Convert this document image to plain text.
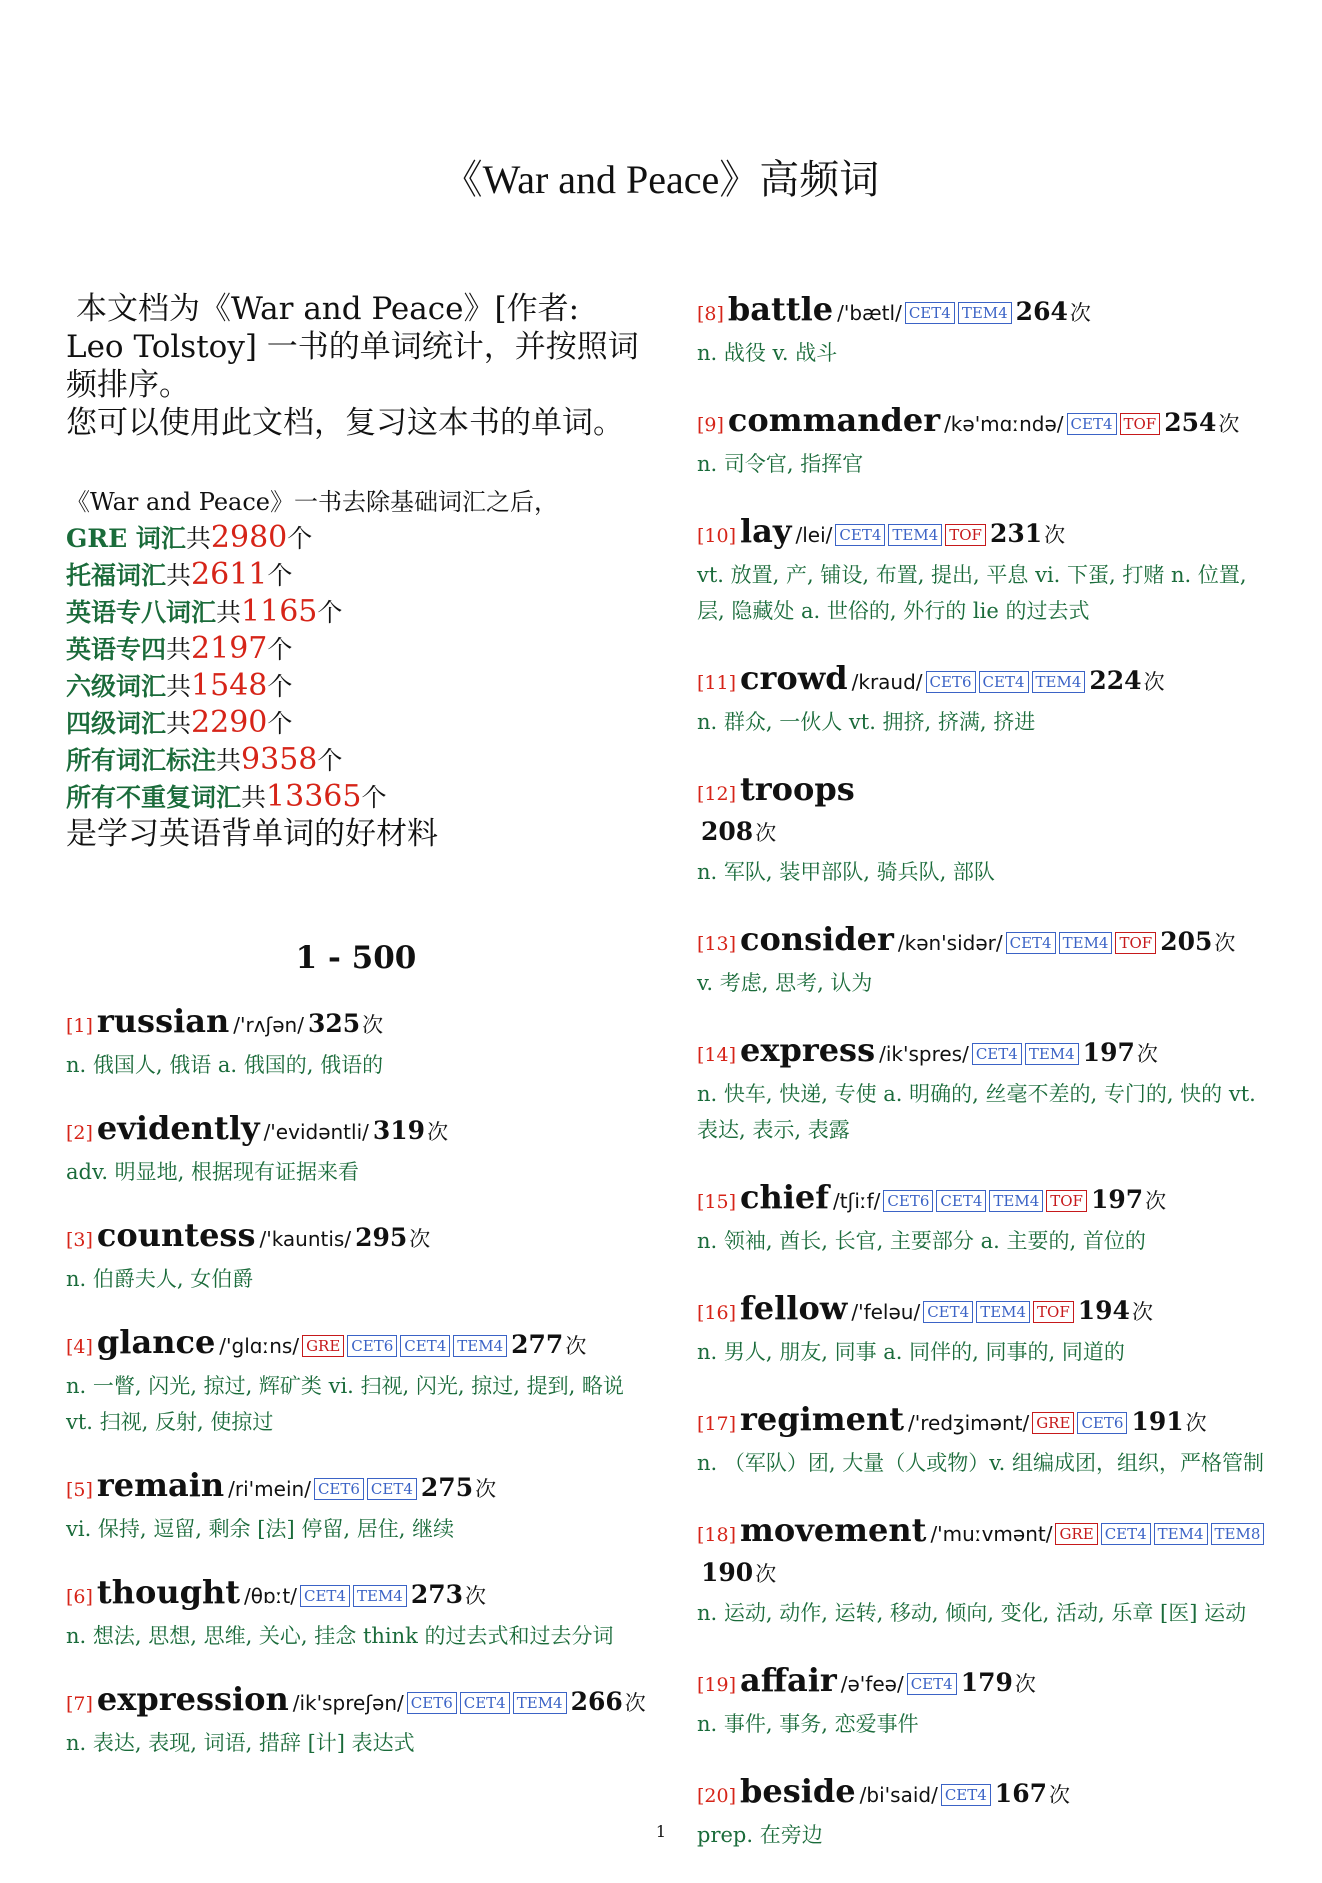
《War and Peace》高频词

本文档为《War and Peace》[作者: Leo Tolstoy] 一书的单词统计，并按照词频排序。

您可以使用此文档，复习这本书的单词。

《War and Peace》一书去除基础词汇之后，
GRE 词汇共2980个
托福词汇共2611个
英语专八词汇共1165个
英语专四共2197个
六级词汇共1548个
四级词汇共2290个
所有词汇标注共9358个
所有不重复词汇共13365个
是学习英语背单词的好材料
1 - 500
[1] russian /'rʌʃən/ 325次
n. 俄国人, 俄语 a. 俄国的, 俄语的
[2] evidently /'evidəntli/ 319次
adv. 明显地, 根据现有证据来看
[3] countess /'kauntis/ 295次
n. 伯爵夫人, 女伯爵
[4] glance /'glɑːns/ GRE CET6 CET4 TEM4 277次
n. 一瞥, 闪光, 掠过, 辉矿类 vi. 扫视, 闪光, 掠过, 提到, 略说 vt. 扫视, 反射, 使掠过
[5] remain /ri'mein/ CET6 CET4 275次
vi. 保持, 逗留, 剩余 [法] 停留, 居住, 继续
[6] thought /θɒːt/ CET4 TEM4 273次
n. 想法, 思想, 思维, 关心, 挂念 think 的过去式和过去分词
[7] expression /ik'spreʃən/ CET6 CET4 TEM4 266次
n. 表达, 表现, 词语, 措辞 [计] 表达式
[8] battle /'bætl/ CET4 TEM4 264次
n. 战役 v. 战斗
[9] commander /kə'mɑːndə/ CET4 TOF 254次
n. 司令官, 指挥官
[10] lay /lei/ CET4 TEM4 TOF 231次
vt. 放置, 产, 铺设, 布置, 提出, 平息 vi. 下蛋, 打赌 n. 位置, 层, 隐藏处 a. 世俗的, 外行的 lie 的过去式
[11] crowd /kraud/ CET6 CET4 TEM4 224次
n. 群众, 一伙人 vt. 拥挤, 挤满, 挤进
[12] troops
208次
n. 军队, 装甲部队, 骑兵队, 部队
[13] consider /kən'sidər/ CET4 TEM4 TOF 205次
v. 考虑, 思考, 认为
[14] express /ik'spres/ CET4 TEM4 197次
n. 快车, 快递, 专使 a. 明确的, 丝毫不差的, 专门的, 快的 vt. 表达, 表示, 表露
[15] chief /tʃiːf/ CET6 CET4 TEM4 TOF 197次
n. 领袖, 酋长, 长官, 主要部分 a. 主要的, 首位的
[16] fellow /'feləu/ CET4 TEM4 TOF 194次
n. 男人, 朋友, 同事 a. 同伴的, 同事的, 同道的
[17] regiment /'redʒimənt/ GRE CET6 191次
n. （军队）团, 大量（人或物）v. 组编成团，组织，严格管制
[18] movement /'muːvmənt/ GRE CET4 TEM4 TEM8190次
n. 运动, 动作, 运转, 移动, 倾向, 变化, 活动, 乐章 [医] 运动
[19] affair /ə'feə/ CET4 179次
n. 事件, 事务, 恋爱事件
[20] beside /bi'said/ CET4 167次
prep. 在旁边
1
